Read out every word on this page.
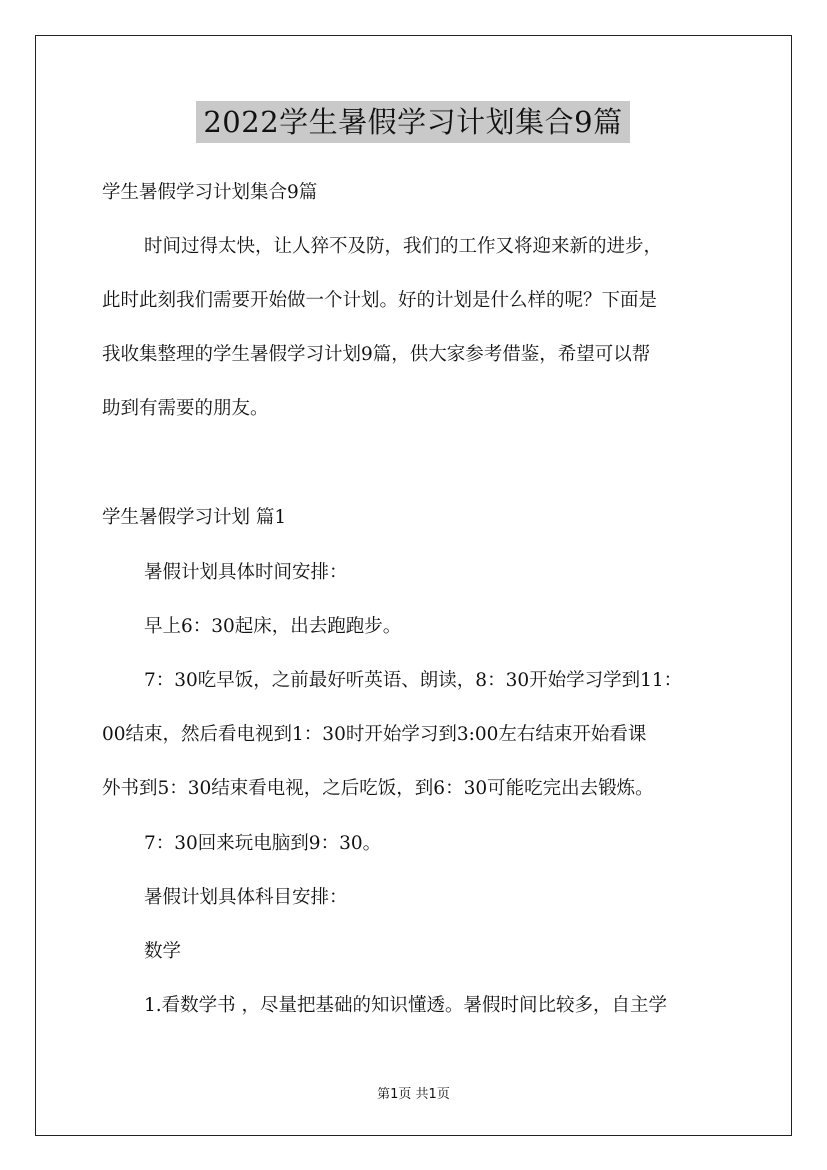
2022学生暑假学习计划集合9篇
学生暑假学习计划集合9篇
时间过得太快，让人猝不及防，我们的工作又将迎来新的进步，
此时此刻我们需要开始做一个计划。好的计划是什么样的呢？下面是
我收集整理的学生暑假学习计划9篇，供大家参考借鉴，希望可以帮
助到有需要的朋友。
学生暑假学习计划 篇1
暑假计划具体时间安排：
早上6：30起床，出去跑跑步。
7：30吃早饭，之前最好听英语、朗读，8：30开始学习学到11：
00结束，然后看电视到1：30时开始学习到3:00左右结束开始看课
外书到5：30结束看电视，之后吃饭，到6：30可能吃完出去锻炼。
7：30回来玩电脑到9：30。
暑假计划具体科目安排：
数学
1.看数学书 ，尽量把基础的知识懂透。暑假时间比较多，自主学
第1页 共1页
